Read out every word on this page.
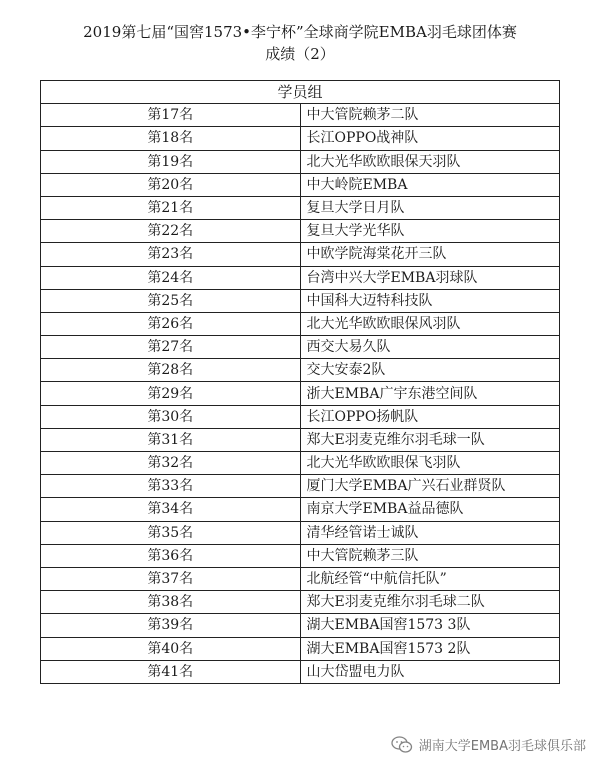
2019第七届“国窖1573•李宁杯”全球商学院EMBA羽毛球团体赛
成绩（2）
学员组	
第17名	中大管院赖茅二队
第18名	长江OPPO战神队
第19名	北大光华欧欧眼保天羽队
第20名	中大岭院EMBA
第21名	复旦大学日月队
第22名	复旦大学光华队
第23名	中欧学院海棠花开三队
第24名	台湾中兴大学EMBA羽球队
第25名	中国科大迈特科技队
第26名	北大光华欧欧眼保风羽队
第27名	西交大易久队
第28名	交大安泰2队
第29名	浙大EMBA广宇东港空间队
第30名	长江OPPO扬帆队
第31名	郑大E羽麦克维尔羽毛球一队
第32名	北大光华欧欧眼保飞羽队
第33名	厦门大学EMBA广兴石业群贤队
第34名	南京大学EMBA益品德队
第35名	清华经管诺士诚队
第36名	中大管院赖茅三队
第37名	北航经管“中航信托队”
第38名	郑大E羽麦克维尔羽毛球二队
第39名	湖大EMBA国窖1573 3队
第40名	湖大EMBA国窖1573 2队
第41名	山大岱盟电力队
湖南大学EMBA羽毛球俱乐部
